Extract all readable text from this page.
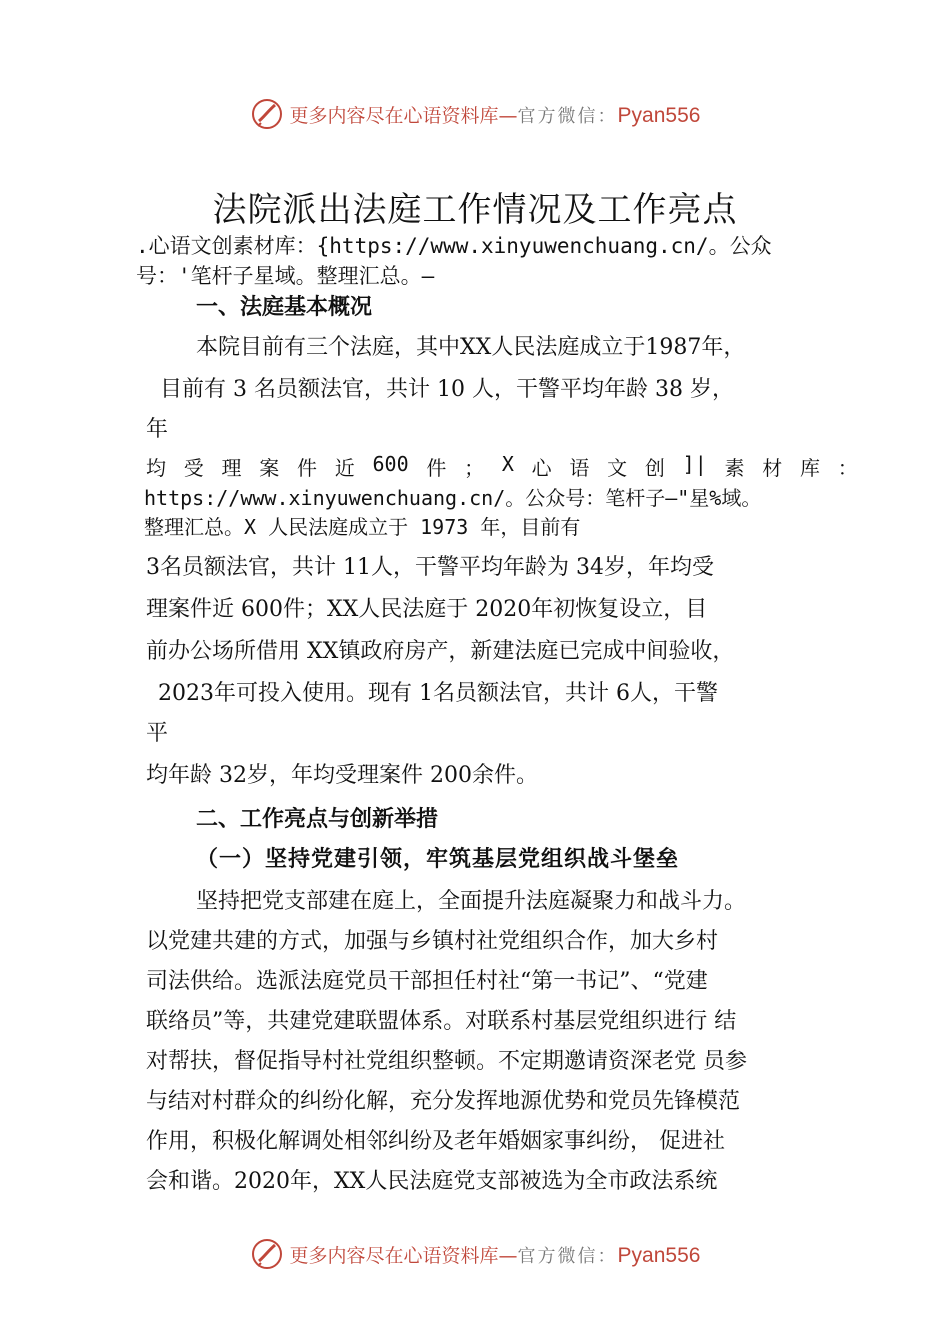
更多内容尽在心语资料库—官方微信：Pyan556
法院派出法庭工作情况及工作亮点
.心语文创素材库：{https://www.xinyuwenchuang.cn/。公众
号：'笔杆子星域。整理汇总。—
一、法庭基本概况
本院目前有三个法庭，其中XX人民法庭成立于1987年，
目前有 3 名员额法官，共计 10 人，干警平均年龄 38 岁，
年
均 受 理 案 件 近 600 件 ； X 心 语 文 创 ]| 素 材 库 ：
https://www.xinyuwenchuang.cn/。公众号：笔杆子—"星%域。
整理汇总。X 人民法庭成立于 1973 年，目前有
3名员额法官，共计 11人，干警平均年龄为 34岁，年均受
理案件近 600件；XX人民法庭于 2020年初恢复设立，目
前办公场所借用 XX镇政府房产，新建法庭已完成中间验收，
2023年可投入使用。现有 1名员额法官，共计 6人，干警
平
均年龄 32岁，年均受理案件 200余件。
二、工作亮点与创新举措
（一）坚持党建引领，牢筑基层党组织战斗堡垒
坚持把党支部建在庭上，全面提升法庭凝聚力和战斗力。
以党建共建的方式，加强与乡镇村社党组织合作，加大乡村
司法供给。选派法庭党员干部担任村社“第一书记”、“党建
联络员”等，共建党建联盟体系。对联系村基层党组织进行 结
对帮扶，督促指导村社党组织整顿。不定期邀请资深老党 员参
与结对村群众的纠纷化解，充分发挥地源优势和党员先锋模范
作用，积极化解调处相邻纠纷及老年婚姻家事纠纷， 促进社
会和谐。2020年，XX人民法庭党支部被选为全市政法系统
更多内容尽在心语资料库—官方微信：Pyan556
